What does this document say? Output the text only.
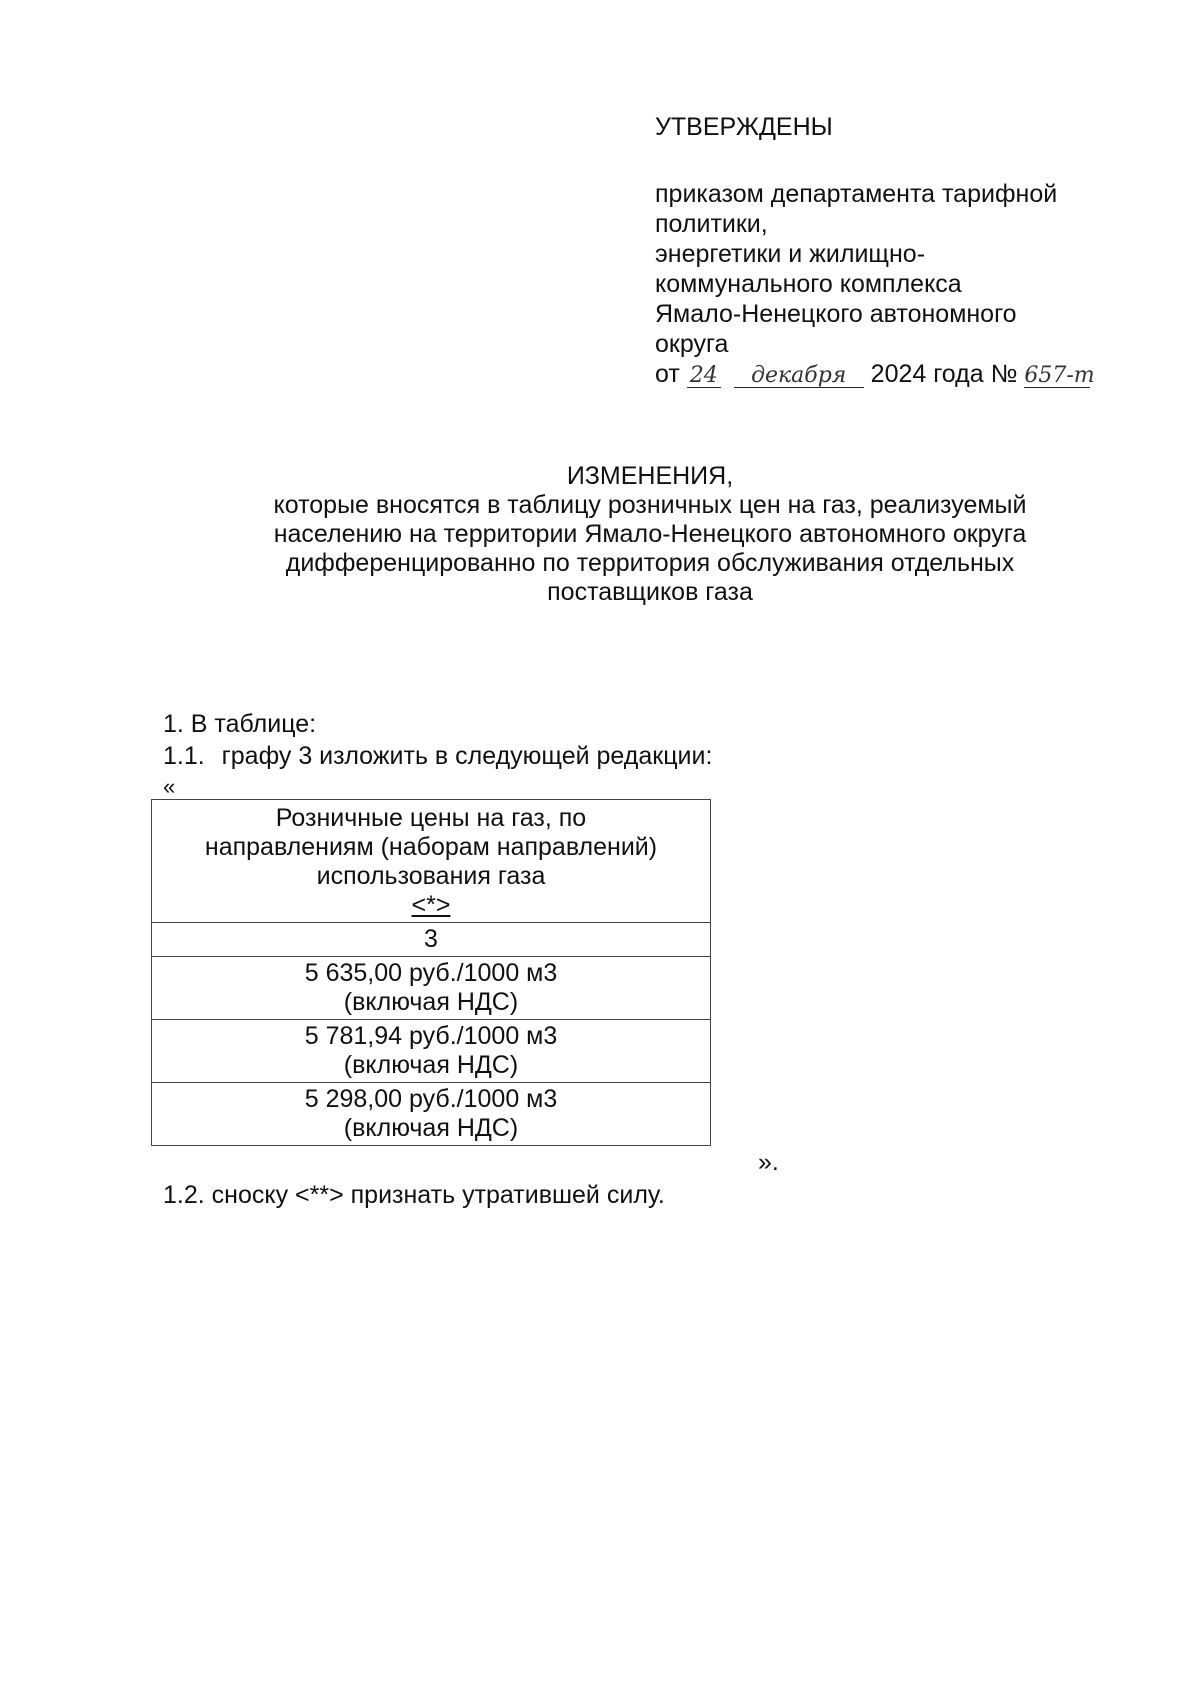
УТВЕРЖДЕНЫ
приказом департамента тарифной
политики,
энергетики и жилищно-
коммунального комплекса
Ямало-Ненецкого автономного
округа
от 24 декабря 2024 года № 657-т
ИЗМЕНЕНИЯ,
которые вносятся в таблицу розничных цен на газ, реализуемый
населению на территории Ямало-Ненецкого автономного округа
дифференцированно по территория обслуживания отдельных
поставщиков газа
1. В таблице:
1.1. графу 3 изложить в следующей редакции:
«
Розничные цены на газ, по
направлениям (наборам направлений)
использования газа
<*>

3

5 635,00 руб./1000 м3
(включая НДС)

5 781,94 руб./1000 м3
(включая НДС)

5 298,00 руб./1000 м3
(включая НДС)
».
1.2. сноску <**> признать утратившей силу.
